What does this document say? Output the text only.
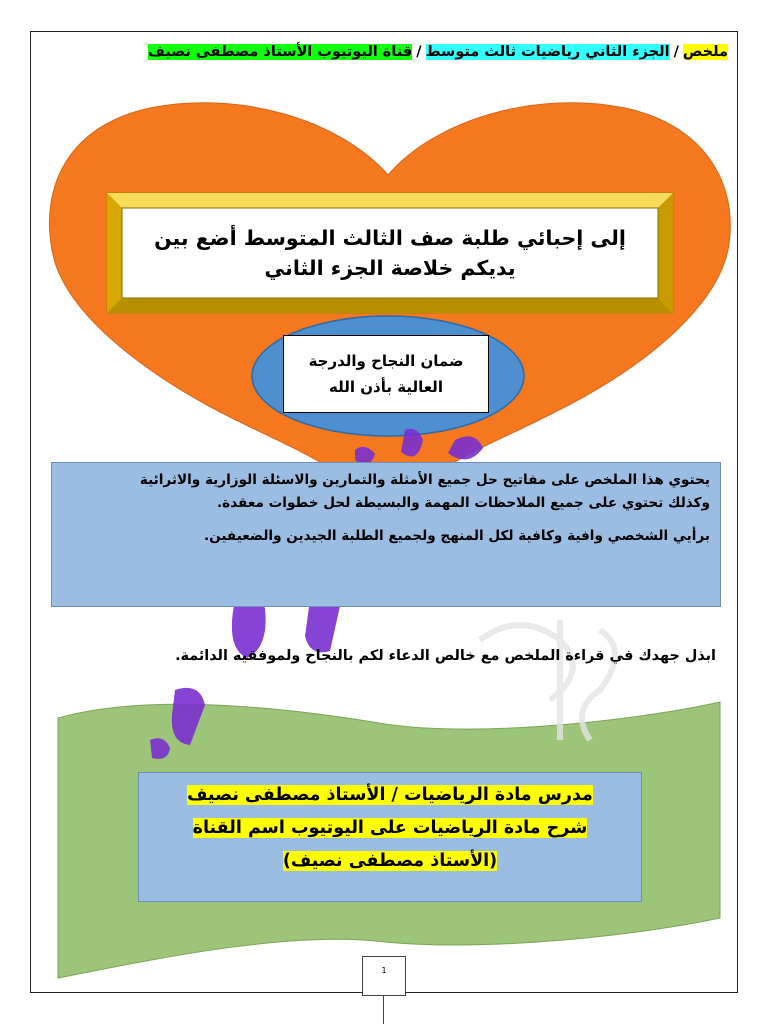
ملخص/الجزء الثاني رياضيات ثالث متوسط/قناة اليوتيوب الأستاذ مصطفى نصيف
إلى إحبائي طلبة صف الثالث المتوسط أضع بين
يديكم خلاصة الجزء الثاني
ضمان النجاح والدرجة
العالية بأذن الله

يحتوي هذا الملخص على مفاتيح حل جميع الأمثلة والتمارين والاسئلة الوزارية والاثرائية

وكذلك تحتوي على جميع الملاحظات المهمة والبسيطة لحل خطوات معقدة.

برأيي الشخصي وافية وكافية لكل المنهج ولجميع الطلبة الجيدين والضعيفين.

ابذل جهدك في قراءة الملخص مع خالص الدعاء لكم بالنجاح ولموفقيه الدائمة.
مدرس مادة الرياضيات / الأستاذ مصطفى نصيف
شرح مادة الرياضيات على اليوتيوب اسم القناة
(الأستاذ مصطفى نصيف)
1
